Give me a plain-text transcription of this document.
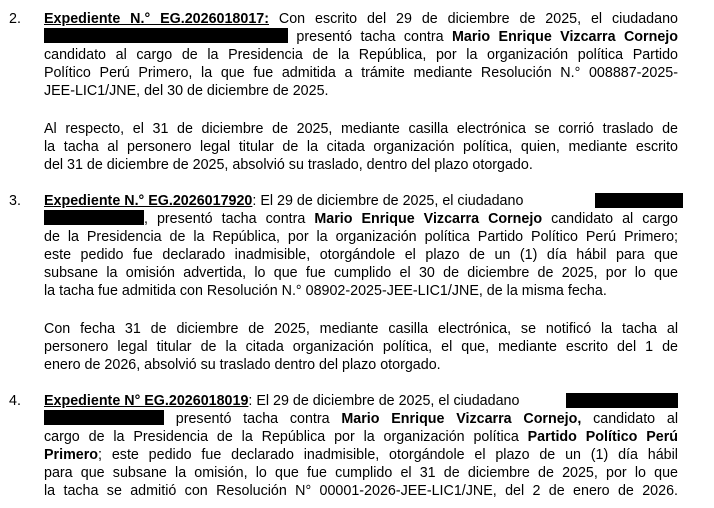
2. Expediente N.° EG.2026018017: Con escrito del 29 de diciembre de 2025, el ciudadano
presentó tacha contra Mario Enrique Vizcarra Cornejo
candidato al cargo de la Presidencia de la República, por la organización política Partido
Político Perú Primero, la que fue admitida a trámite mediante Resolución N.° 008887-2025-
JEE-LIC1/JNE, del 30 de diciembre de 2025.
Al respecto, el 31 de diciembre de 2025, mediante casilla electrónica se corrió traslado de
la tacha al personero legal titular de la citada organización política, quien, mediante escrito
del 31 de diciembre de 2025, absolvió su traslado, dentro del plazo otorgado.
3. Expediente N.° EG.2026017920: El 29 de diciembre de 2025, el ciudadano
, presentó tacha contra Mario Enrique Vizcarra Cornejo candidato al cargo
de la Presidencia de la República, por la organización política Partido Político Perú Primero;
este pedido fue declarado inadmisible, otorgándole el plazo de un (1) día hábil para que
subsane la omisión advertida, lo que fue cumplido el 30 de diciembre de 2025, por lo que
la tacha fue admitida con Resolución N.° 08902-2025-JEE-LIC1/JNE, de la misma fecha.
Con fecha 31 de diciembre de 2025, mediante casilla electrónica, se notificó la tacha al
personero legal titular de la citada organización política, el que, mediante escrito del 1 de
enero de 2026, absolvió su traslado dentro del plazo otorgado.
4. Expediente N° EG.2026018019: El 29 de diciembre de 2025, el ciudadano
presentó tacha contra Mario Enrique Vizcarra Cornejo, candidato al
cargo de la Presidencia de la República por la organización política Partido Político Perú
Primero; este pedido fue declarado inadmisible, otorgándole el plazo de un (1) día hábil
para que subsane la omisión, lo que fue cumplido el 31 de diciembre de 2025, por lo que
la tacha se admitió con Resolución N° 00001-2026-JEE-LIC1/JNE, del 2 de enero de 2026.
